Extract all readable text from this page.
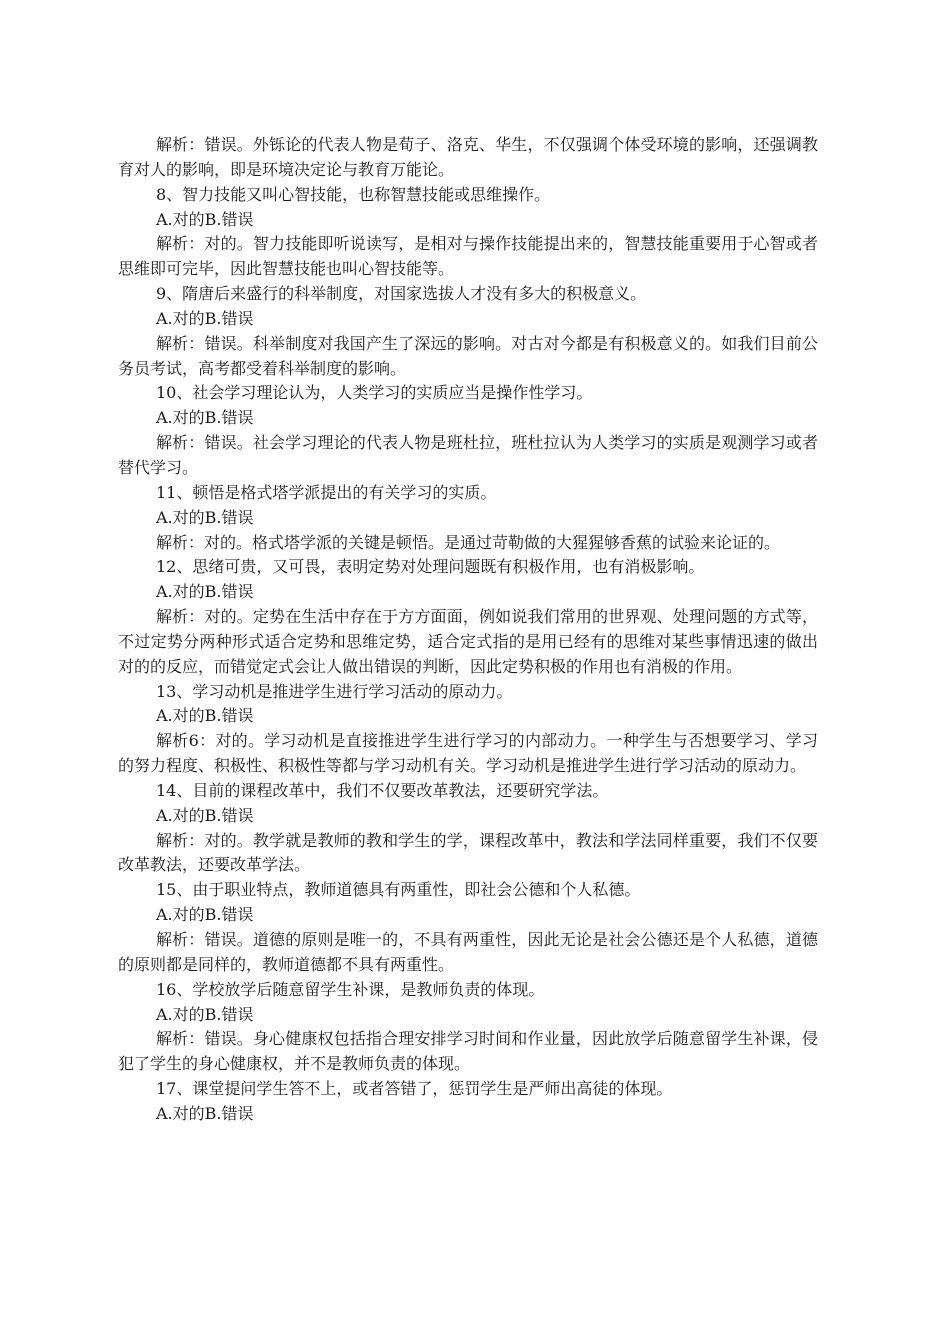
解析：错误。外铄论的代表人物是荀子、洛克、华生，不仅强调个体受环境的影响，还强调教育对人的影响，即是环境决定论与教育万能论。

8、智力技能又叫心智技能，也称智慧技能或思维操作。

A.对的B.错误

解析：对的。智力技能即听说读写，是相对与操作技能提出来的，智慧技能重要用于心智或者思维即可完毕，因此智慧技能也叫心智技能等。

9、隋唐后来盛行的科举制度，对国家选拔人才没有多大的积极意义。

A.对的B.错误

解析：错误。科举制度对我国产生了深远的影响。对古对今都是有积极意义的。如我们目前公务员考试，高考都受着科举制度的影响。

10、社会学习理论认为，人类学习的实质应当是操作性学习。

A.对的B.错误

解析：错误。社会学习理论的代表人物是班杜拉，班杜拉认为人类学习的实质是观测学习或者替代学习。

11、顿悟是格式塔学派提出的有关学习的实质。

A.对的B.错误

解析：对的。格式塔学派的关键是顿悟。是通过苛勒做的大猩猩够香蕉的试验来论证的。

12、思绪可贵，又可畏，表明定势对处理问题既有积极作用，也有消极影响。

A.对的B.错误

解析：对的。定势在生活中存在于方方面面，例如说我们常用的世界观、处理问题的方式等，不过定势分两种形式适合定势和思维定势，适合定式指的是用已经有的思维对某些事情迅速的做出对的的反应，而错觉定式会让人做出错误的判断，因此定势积极的作用也有消极的作用。

13、学习动机是推进学生进行学习活动的原动力。

A.对的B.错误

解析6：对的。学习动机是直接推进学生进行学习的内部动力。一种学生与否想要学习、学习的努力程度、积极性、积极性等都与学习动机有关。学习动机是推进学生进行学习活动的原动力。

14、目前的课程改革中，我们不仅要改革教法，还要研究学法。

A.对的B.错误

解析：对的。教学就是教师的教和学生的学，课程改革中，教法和学法同样重要，我们不仅要改革教法，还要改革学法。

15、由于职业特点，教师道德具有两重性，即社会公德和个人私德。

A.对的B.错误

解析：错误。道德的原则是唯一的，不具有两重性，因此无论是社会公德还是个人私德，道德的原则都是同样的，教师道德都不具有两重性。

16、学校放学后随意留学生补课，是教师负责的体现。

A.对的B.错误

解析：错误。身心健康权包括指合理安排学习时间和作业量，因此放学后随意留学生补课，侵犯了学生的身心健康权，并不是教师负责的体现。

17、课堂提问学生答不上，或者答错了，惩罚学生是严师出高徒的体现。

A.对的B.错误
